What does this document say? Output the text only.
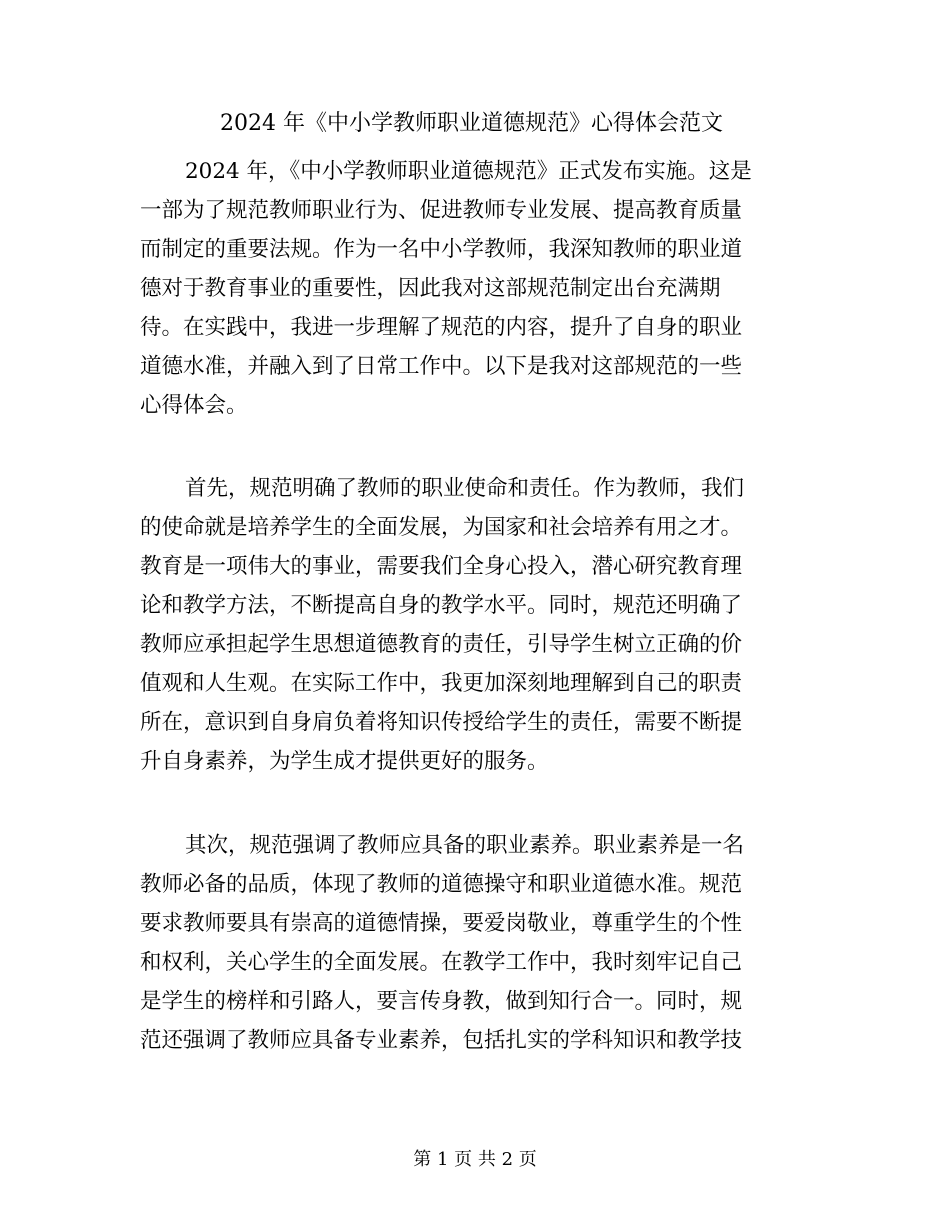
2024 年《中小学教师职业道德规范》心得体会范文
2024 年，《中小学教师职业道德规范》正式发布实施。这是
一部为了规范教师职业行为、促进教师专业发展、提高教育质量
而制定的重要法规。作为一名中小学教师，我深知教师的职业道
德对于教育事业的重要性，因此我对这部规范制定出台充满期
待。在实践中，我进一步理解了规范的内容，提升了自身的职业
道德水准，并融入到了日常工作中。以下是我对这部规范的一些
心得体会。
首先，规范明确了教师的职业使命和责任。作为教师，我们
的使命就是培养学生的全面发展，为国家和社会培养有用之才。
教育是一项伟大的事业，需要我们全身心投入，潜心研究教育理
论和教学方法，不断提高自身的教学水平。同时，规范还明确了
教师应承担起学生思想道德教育的责任，引导学生树立正确的价
值观和人生观。在实际工作中，我更加深刻地理解到自己的职责
所在，意识到自身肩负着将知识传授给学生的责任，需要不断提
升自身素养，为学生成才提供更好的服务。
其次，规范强调了教师应具备的职业素养。职业素养是一名
教师必备的品质，体现了教师的道德操守和职业道德水准。规范
要求教师要具有崇高的道德情操，要爱岗敬业，尊重学生的个性
和权利，关心学生的全面发展。在教学工作中，我时刻牢记自己
是学生的榜样和引路人，要言传身教，做到知行合一。同时，规
范还强调了教师应具备专业素养，包括扎实的学科知识和教学技
第 1 页 共 2 页
